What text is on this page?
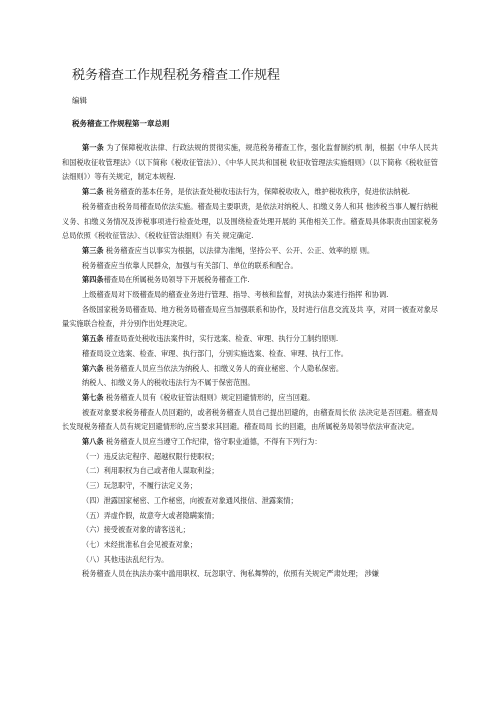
税务稽查工作规程税务稽查工作规程
编辑
税务稽查工作规程第一章总则

第一条 为了保障税收法律、行政法规的贯彻实施，规范税务稽查工作，强化监督制约机 制，根据《中华人民共和国税收征收管理法》（以下简称《税收征管法》）、《中华人民共和国税 收征收管理法实施细则》（以下简称《税收征管法细则》）等有关规定，制定本规程.

第二条 税务稽查的基本任务，是依法查处税收违法行为，保障税收收入，维护税收秩序，促进依法纳税.

税务稽查由税务局稽查局依法实施。稽查局主要职责，是依法对纳税人、扣缴义务人和其 他涉税当事人履行纳税义务、扣缴义务情况及涉税事项进行检查处理，以及围绕检查处理开展的 其他相关工作。稽查局具体职责由国家税务总局依照《税收征管法》、《税收征管法细则》有关 规定确定.

第三条 税务稽查应当以事实为根据，以法律为准绳，坚持公平、公开、公正、效率的原 则。

税务稽查应当依靠人民群众，加强与有关部门、单位的联系和配合。

第四条稽查局在所属税务局领导下开展税务稽查工作.

上级稽查局对下级稽查局的稽查业务进行管理、指导、考核和监督，对执法办案进行指挥 和协调.

各级国家税务局稽查局、地方税务局稽查局应当加强联系和协作，及时进行信息交流及共 享，对同一被查对象尽量实施联合检查，并分别作出处理决定。

第五条 稽查局查处税收违法案件时，实行选案、检查、审理、执行分工制约原则.

稽查局设立选案、检查、审理、执行部门，分别实施选案、检查、审理、执行工作。

第六条 税务稽查人员应当依法为纳税人、扣缴义务人的商业秘密、个人隐私保密。

纳税人、扣缴义务人的税收违法行为不属于保密范围。

第七条 税务稽查人员有《税收征管法细则》规定回避情形的，应当回避。

被查对象要求税务稽查人员回避的，或者税务稽查人员自己提出回避的，由稽查局长依 法决定是否回避。稽查局长发现税务稽查人员有规定回避情形的,应当要求其回避。稽查局局 长的回避，由所属税务局领导依法审查决定。

第八条 税务稽查人员应当遵守工作纪律，恪守职业道德，不得有下列行为：

（一）违反法定程序、超越权限行使职权；

（二）利用职权为自己或者他人谋取利益；

（三）玩忽职守，不履行法定义务；

（四）泄露国家秘密、工作秘密，向被查对象通风报信、泄露案情；

（五）弄虚作假，故意夸大或者隐瞒案情；

（六）接受被查对象的请客送礼；

（七）未经批准私自会见被查对象；

（八）其他违法乱纪行为。

税务稽查人员在执法办案中滥用职权、玩忽职守、徇私舞弊的，依照有关规定严肃处理； 涉嫌
